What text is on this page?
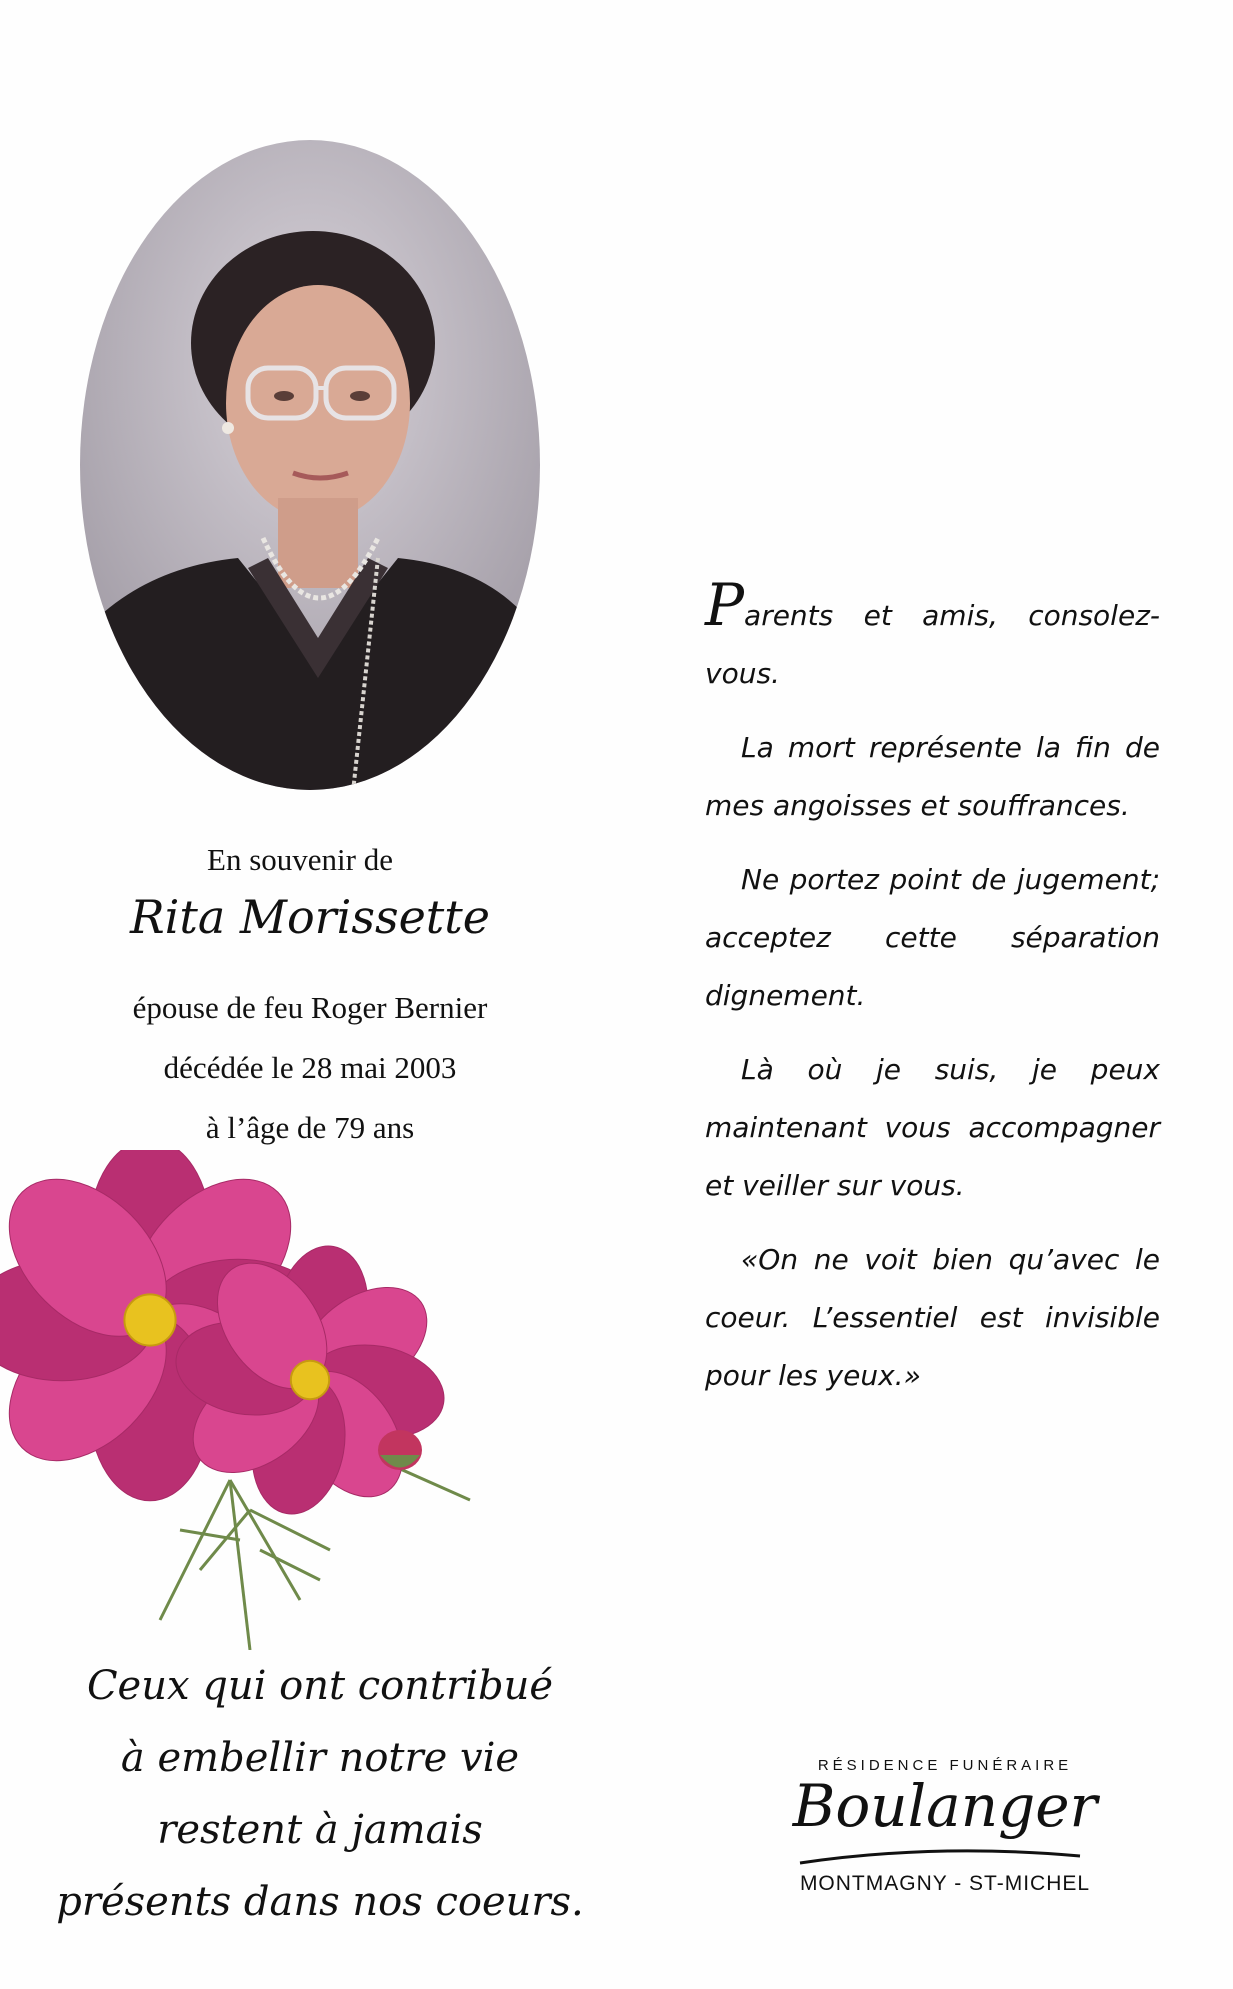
En souvenir de
Rita Morissette
épouse de feu Roger Bernier
décédée le 28 mai 2003
à l’âge de 79 ans
Ceux qui ont contribué
à embellir notre vie
restent à jamais
présents dans nos coeurs.

Parents et amis, consolez-vous.

La mort représente la fin de mes angoisses et souffrances.

Ne portez point de jugement; acceptez cette séparation dignement.

Là où je suis, je peux maintenant vous accompagner et veiller sur vous.

«On ne voit bien qu’avec le coeur. L’essentiel est invisible pour les yeux.»

RÉSIDENCE FUNÉRAIRE
Boulanger
MONTMAGNY - ST-MICHEL
